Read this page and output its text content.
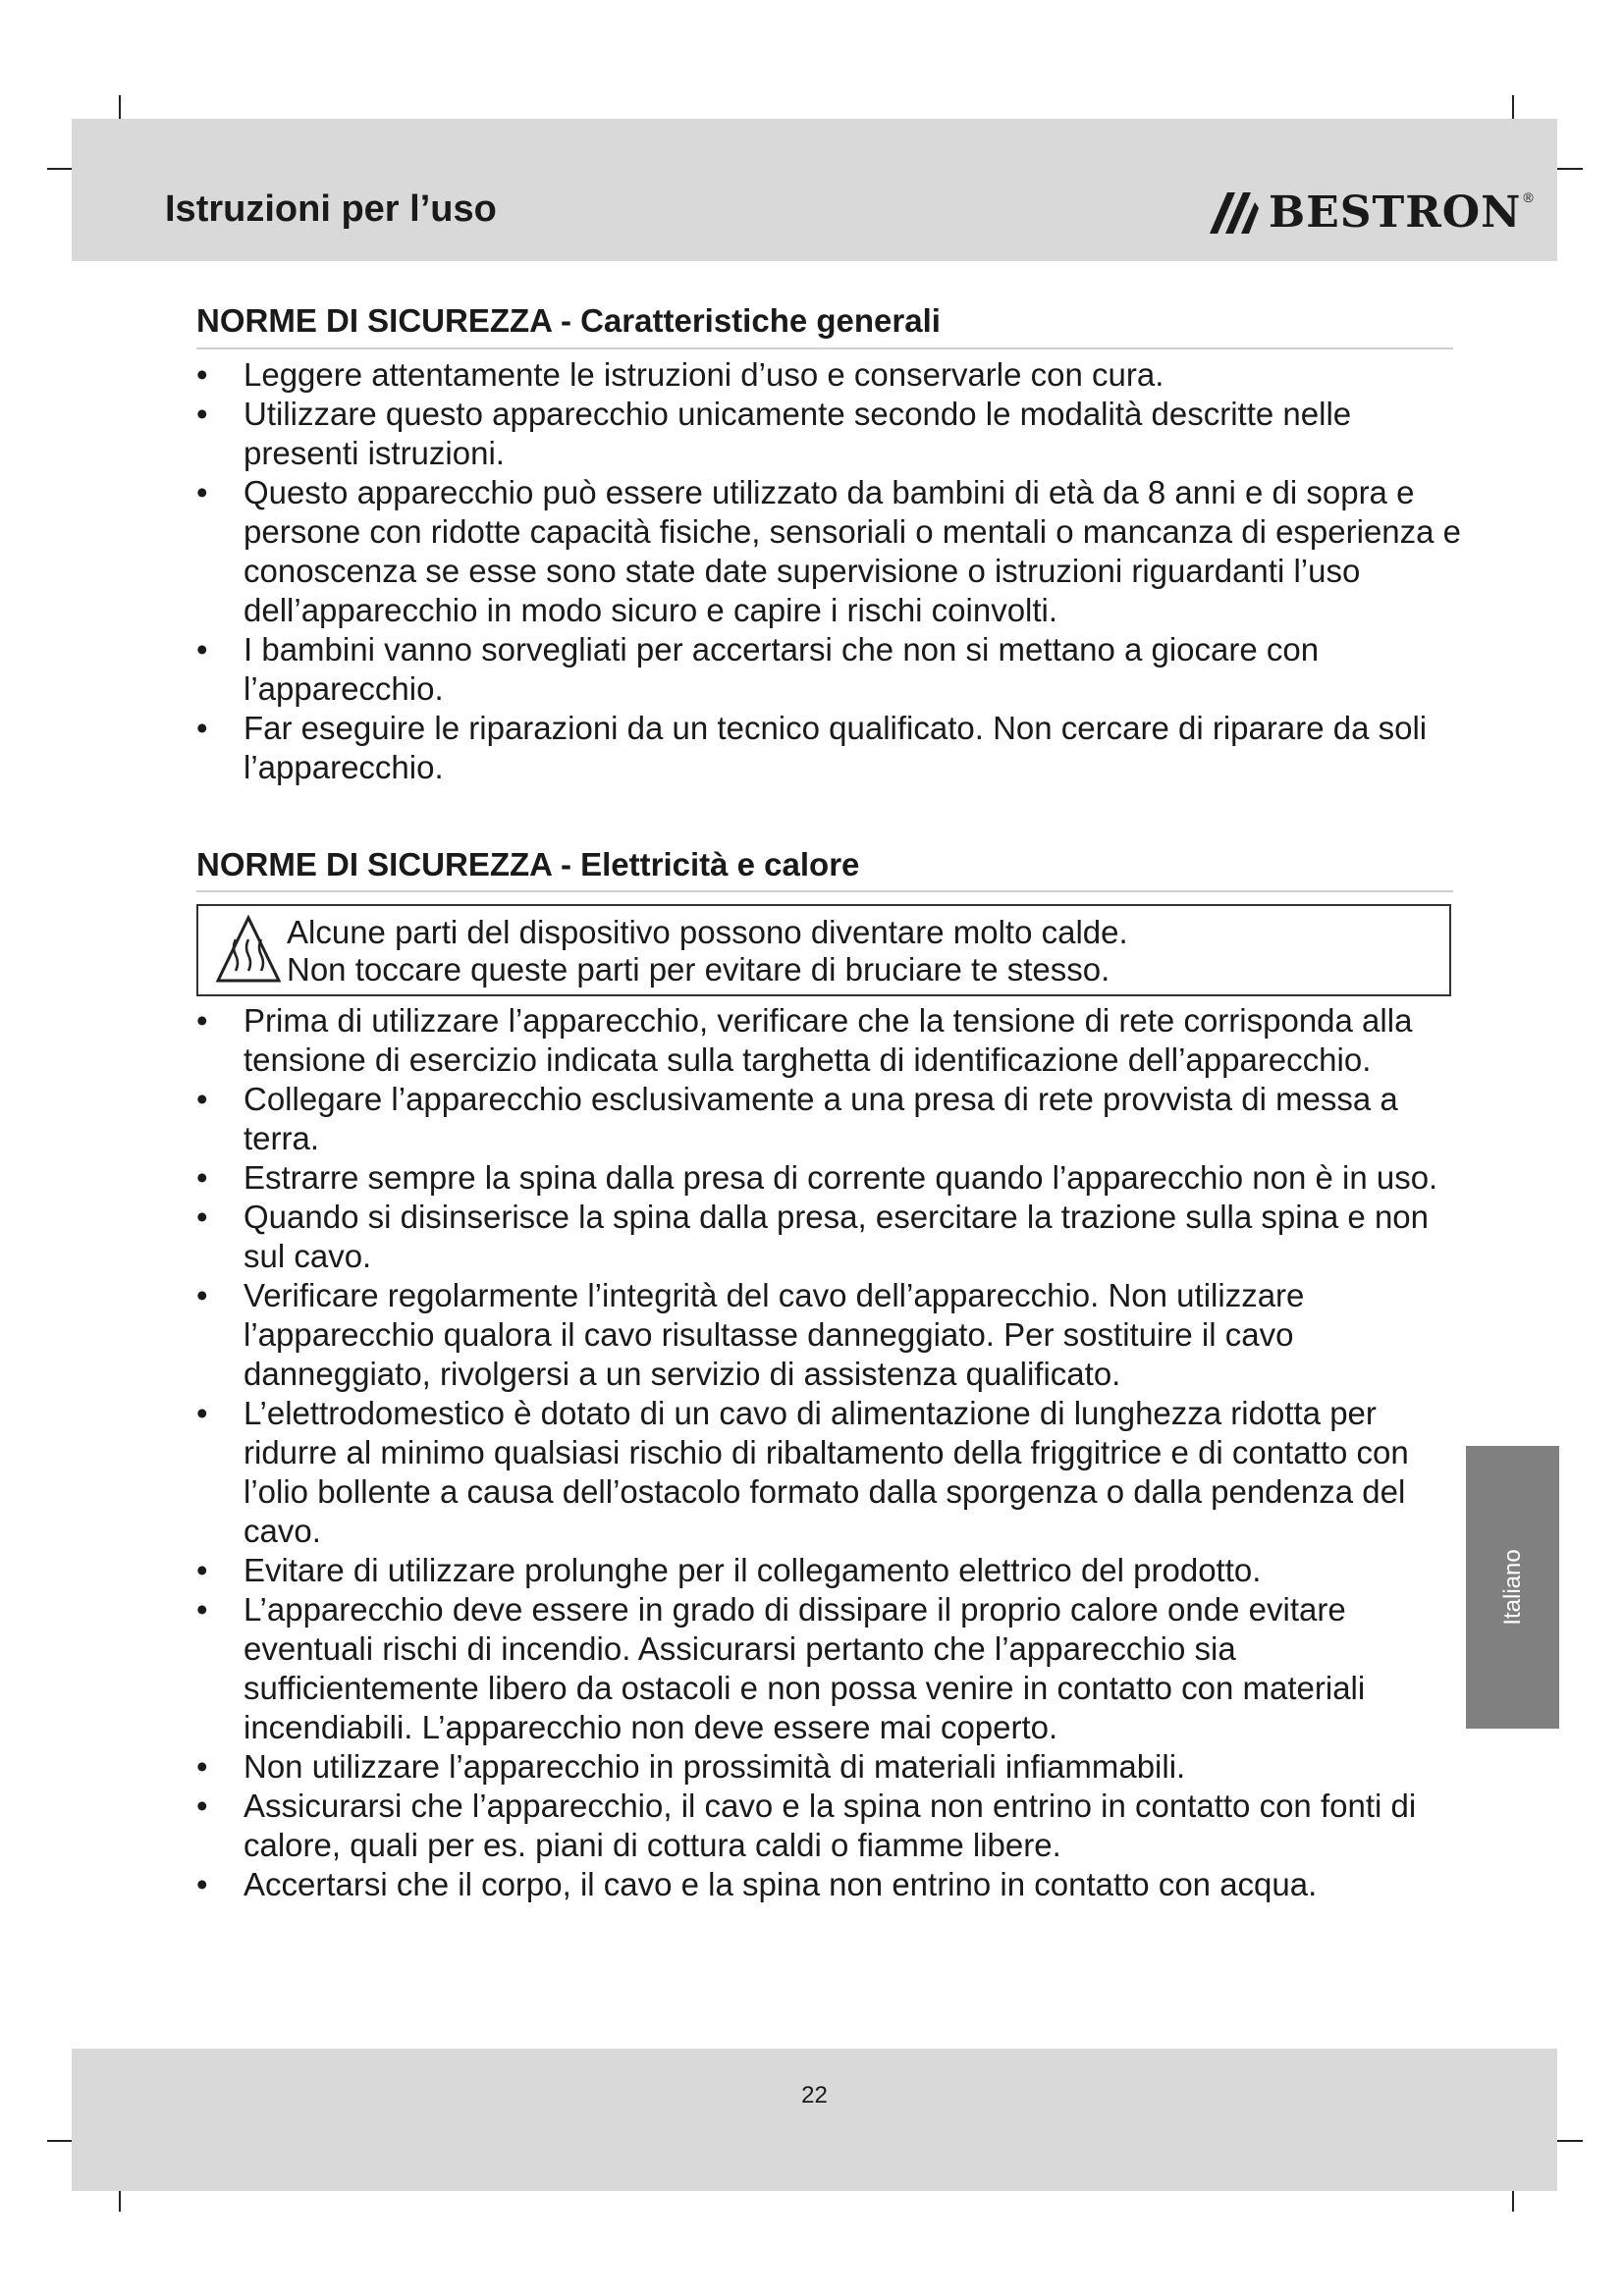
Istruzioni per l’uso	BESTRON ®
NORME DI SICUREZZA - Caratteristiche generali
•	Leggere attentamente le istruzioni d’uso e conservarle con cura.
•	Utilizzare questo apparecchio unicamente secondo le modalità descritte nelle presenti istruzioni.
•	Questo apparecchio può essere utilizzato da bambini di età da 8 anni e di sopra e persone con ridotte capacità fisiche, sensoriali o mentali o mancanza di esperienza e conoscenza se esse sono state date supervisione o istruzioni riguardanti l’uso dell’apparecchio in modo sicuro e capire i rischi coinvolti.
•	I bambini vanno sorvegliati per accertarsi che non si mettano a giocare con l’apparecchio.
•	Far eseguire le riparazioni da un tecnico qualificato. Non cercare di riparare da soli l’apparecchio.
NORME DI SICUREZZA - Elettricità e calore
Alcune parti del dispositivo possono diventare molto calde.
Non toccare queste parti per evitare di bruciare te stesso.
•	Prima di utilizzare l’apparecchio, verificare che la tensione di rete corrisponda alla tensione di esercizio indicata sulla targhetta di identificazione dell’apparecchio.
•	Collegare l’apparecchio esclusivamente a una presa di rete provvista di messa a terra.
•	Estrarre sempre la spina dalla presa di corrente quando l’apparecchio non è in uso.
•	Quando si disinserisce la spina dalla presa, esercitare la trazione sulla spina e non sul cavo.
•	Verificare regolarmente l’integrità del cavo dell’apparecchio. Non utilizzare l’apparecchio qualora il cavo risultasse danneggiato. Per sostituire il cavo danneggiato, rivolgersi a un servizio di assistenza qualificato.
•	L’elettrodomestico è dotato di un cavo di alimentazione di lunghezza ridotta per ridurre al minimo qualsiasi rischio di ribaltamento della friggitrice e di contatto con l’olio bollente a causa dell’ostacolo formato dalla sporgenza o dalla pendenza del cavo.
•	Evitare di utilizzare prolunghe per il collegamento elettrico del prodotto.
•	L’apparecchio deve essere in grado di dissipare il proprio calore onde evitare eventuali rischi di incendio. Assicurarsi pertanto che l’apparecchio sia sufficientemente libero da ostacoli e non possa venire in contatto con materiali incendiabili. L’apparecchio non deve essere mai coperto.
•	Non utilizzare l’apparecchio in prossimità di materiali infiammabili.
•	Assicurarsi che l’apparecchio, il cavo e la spina non entrino in contatto con fonti di calore, quali per es. piani di cottura caldi o fiamme libere.
•	Accertarsi che il corpo, il cavo e la spina non entrino in contatto con acqua.
Italiano
22
